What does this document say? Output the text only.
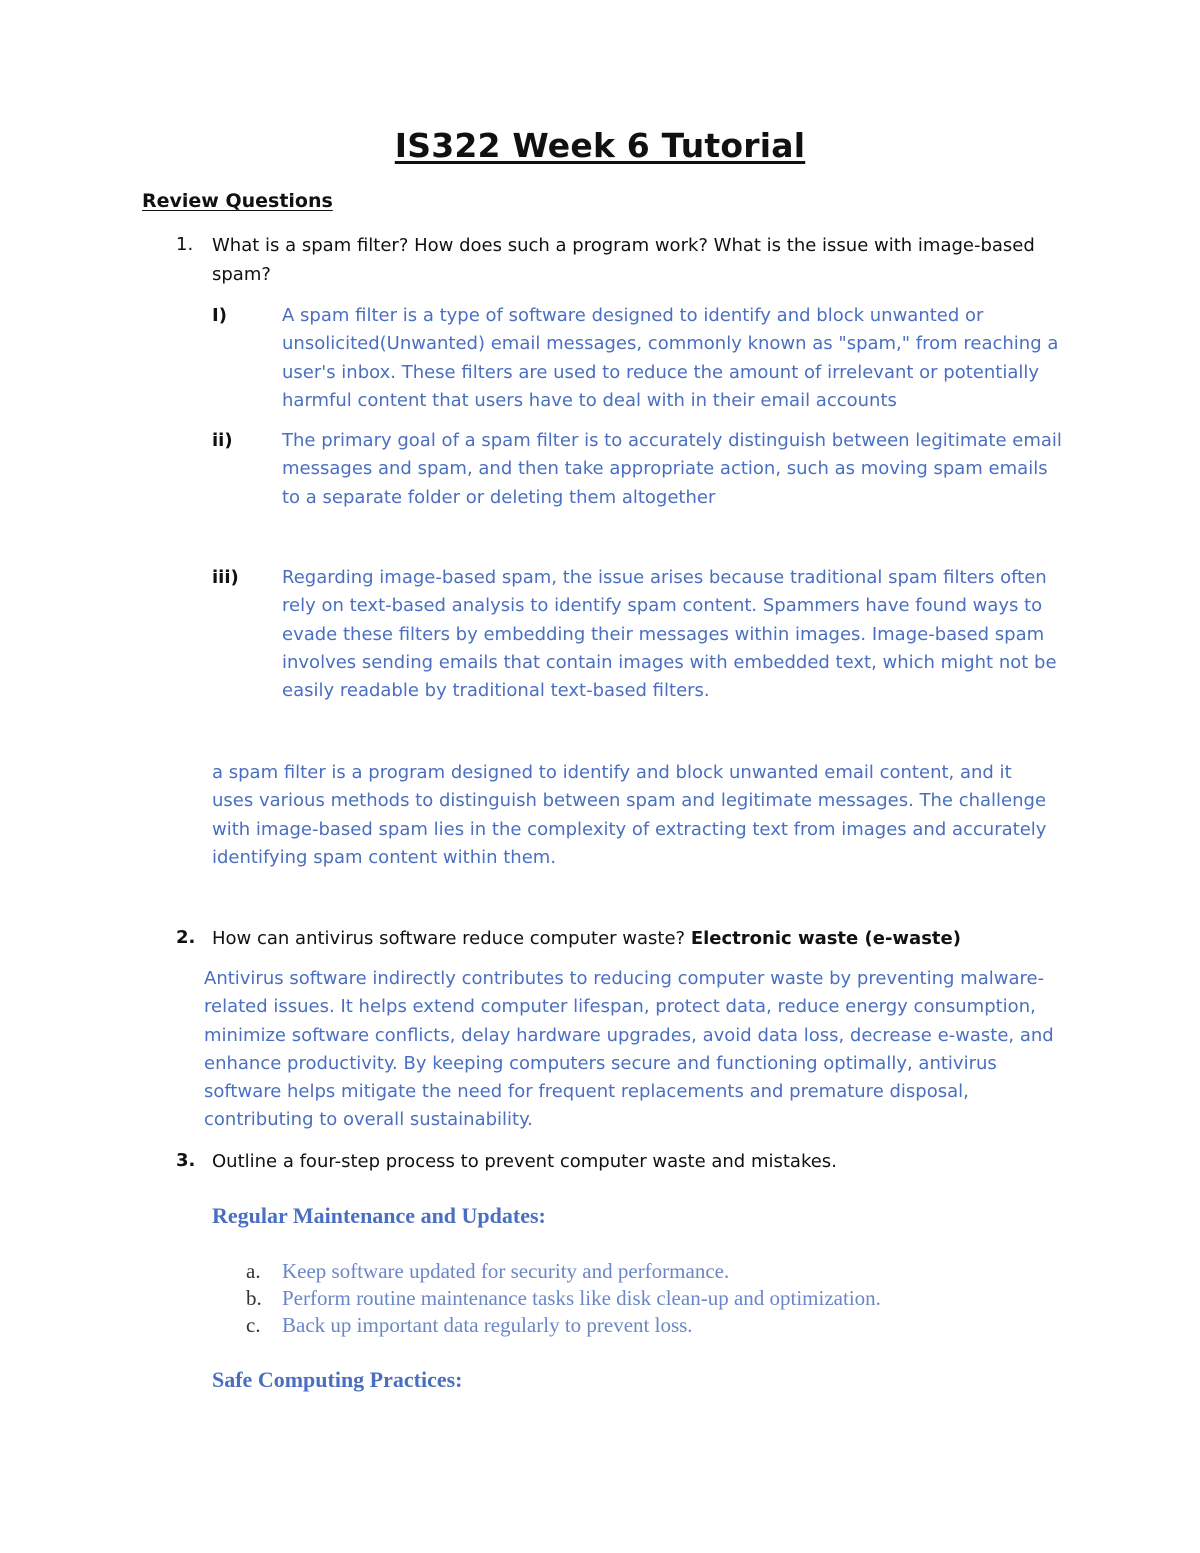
IS322 Week 6 Tutorial
Review Questions
1. What is a spam filter? How does such a program work? What is the issue with image-based
spam?
I)	A spam filter is a type of software designed to identify and block unwanted or unsolicited(Unwanted) email messages, commonly known as "spam," from reaching a user's inbox. These filters are used to reduce the amount of irrelevant or potentially harmful content that users have to deal with in their email accounts
ii)	The primary goal of a spam filter is to accurately distinguish between legitimate email messages and spam, and then take appropriate action, such as moving spam emails to a separate folder or deleting them altogether
iii) Regarding image-based spam, the issue arises because traditional spam filters often rely on text-based analysis to identify spam content. Spammers have found ways to evade these filters by embedding their messages within images. Image-based spam involves sending emails that contain images with embedded text, which might not be easily readable by traditional text-based filters.
a spam filter is a program designed to identify and block unwanted email content, and it uses various methods to distinguish between spam and legitimate messages. The challenge with image-based spam lies in the complexity of extracting text from images and accurately identifying spam content within them.
2. How can antivirus software reduce computer waste? Electronic waste (e-waste)
Antivirus software indirectly contributes to reducing computer waste by preventing malware-related issues. It helps extend computer lifespan, protect data, reduce energy consumption, minimize software conflicts, delay hardware upgrades, avoid data loss, decrease e-waste, and enhance productivity. By keeping computers secure and functioning optimally, antivirus software helps mitigate the need for frequent replacements and premature disposal, contributing to overall sustainability.
3. Outline a four-step process to prevent computer waste and mistakes.
Regular Maintenance and Updates:
a. Keep software updated for security and performance.
b. Perform routine maintenance tasks like disk clean-up and optimization.
c. Back up important data regularly to prevent loss.
Safe Computing Practices:
